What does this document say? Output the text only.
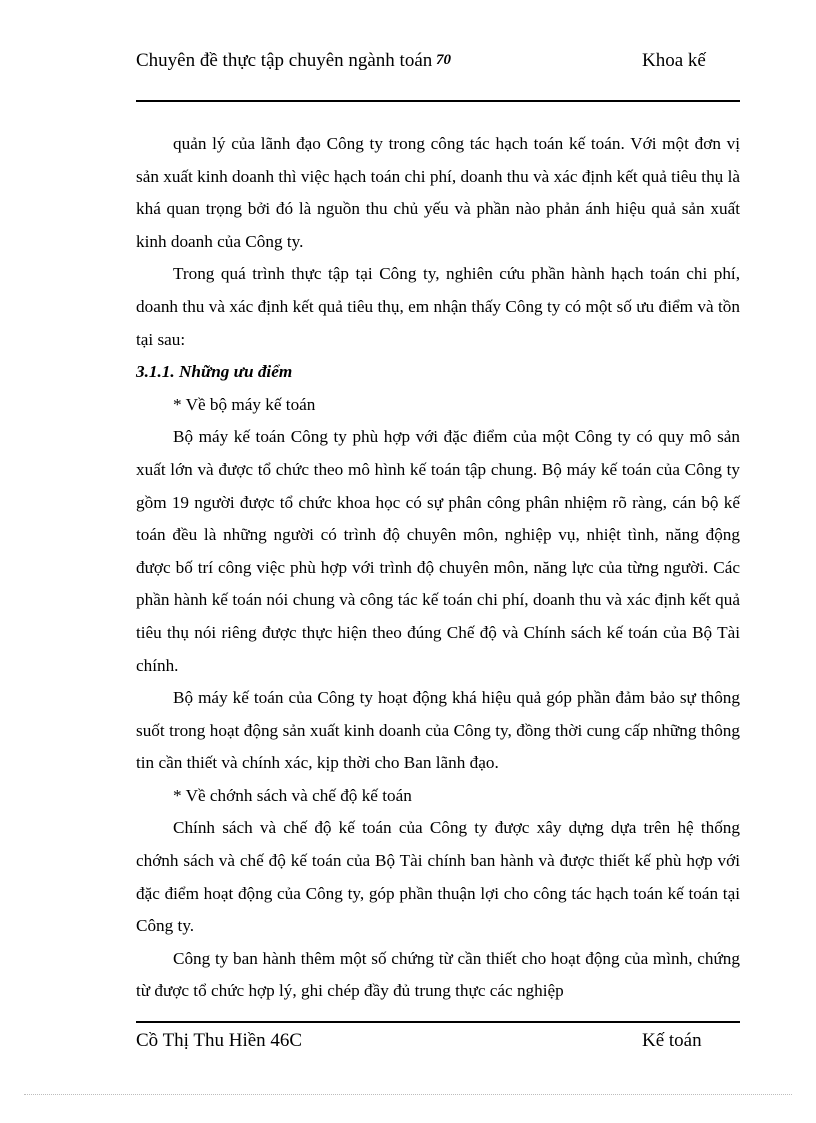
Chuyên đề thực tập chuyên ngành toán 70	Khoa kế

quản lý của lãnh đạo Công ty trong công tác hạch toán kế toán. Với một đơn vị sản xuất kinh doanh thì việc hạch toán chi phí, doanh thu và xác định kết quả tiêu thụ là khá quan trọng bởi đó là nguồn thu chủ yếu và phần nào phản ánh hiệu quả sản xuất kinh doanh của Công ty.

Trong quá trình thực tập tại Công ty, nghiên cứu phần hành hạch toán chi phí, doanh thu và xác định kết quả tiêu thụ, em nhận thấy Công ty có một số ưu điểm và tồn tại sau:

3.1.1. Những ưu điểm

* Về bộ máy kế toán

Bộ máy kế toán Công ty phù hợp với đặc điểm của một Công ty có quy mô sản xuất lớn và được tổ chức theo mô hình kế toán tập chung. Bộ máy kế toán của Công ty gồm 19 người được tổ chức khoa học có sự phân công phân nhiệm rõ ràng, cán bộ kế toán đều là những người có trình độ chuyên môn, nghiệp vụ, nhiệt tình, năng động được bố trí công việc phù hợp với trình độ chuyên môn, năng lực của từng người. Các phần hành kế toán nói chung và công tác kế toán chi phí, doanh thu và xác định kết quả tiêu thụ nói riêng được thực hiện theo đúng Chế độ và Chính sách kế toán của Bộ Tài chính.

Bộ máy kế toán của Công ty hoạt động khá hiệu quả góp phần đảm bảo sự thông suốt trong hoạt động sản xuất kinh doanh của Công ty, đồng thời cung cấp những thông tin cần thiết và chính xác, kịp thời cho Ban lãnh đạo.

* Về chớnh sách và chế độ kế toán

Chính sách và chế độ kế toán của Công ty được xây dựng dựa trên hệ thống chớnh sách và chế độ kế toán của Bộ Tài chính ban hành và được thiết kế phù hợp với đặc điểm hoạt động của Công ty, góp phần thuận lợi cho công tác hạch toán kế toán tại Công ty.

Công ty ban hành thêm một số chứng từ cần thiết cho hoạt động của mình, chứng từ được tổ chức hợp lý, ghi chép đầy đủ trung thực các nghiệp

Cồ Thị Thu Hiền 46C	Kế toán
